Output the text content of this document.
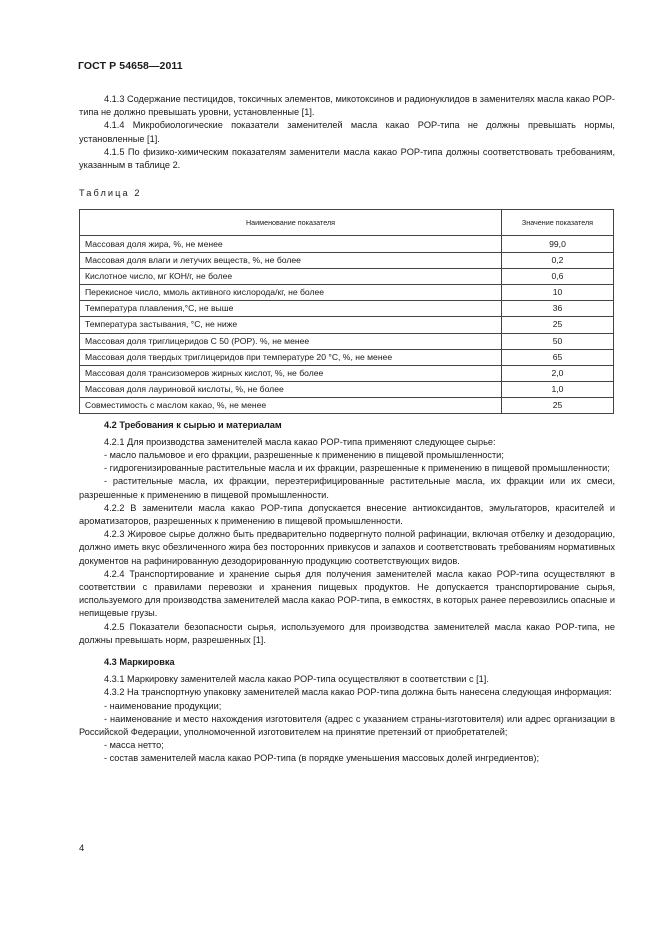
ГОСТ Р 54658—2011

4.1.3 Содержание пестицидов, токсичных элементов, микотоксинов и радионуклидов в заменителях масла какао POP-типа не должно превышать уровни, установленные [1].

4.1.4 Микробиологические показатели заменителей масла какао POP-типа не должны превышать нормы, установленные [1].

4.1.5 По физико-химическим показателям заменители масла какао POP-типа должны соответствовать требованиям, указанным в таблице 2.

Таблица 2
Наименование показателя	Значение показателя
Массовая доля жира, %, не менее	99,0
Массовая доля влаги и летучих веществ, %, не более	0,2
Кислотное число, мг КОН/г, не более	0,6
Перекисное число, ммоль активного кислорода/кг, не более	10
Температура плавления,°С, не выше	36
Температура застывания, °С, не ниже	25
Массовая доля триглицеридов С 50 (POP). %, не менее	50
Массовая доля твердых триглицеридов при температуре 20 °С, %, не менее	65
Массовая доля трансизомеров жирных кислот, %, не более	2,0
Массовая доля лауриновой кислоты, %, не более	1,0
Совместимость с маслом какао, %, не менее	25
4.2 Требования к сырью и материалам

4.2.1 Для производства заменителей масла какао POP-типа применяют следующее сырье:

- масло пальмовое и его фракции, разрешенные к применению в пищевой промышленности;

- гидрогенизированные растительные масла и их фракции, разрешенные к применению в пищевой промышленности;

- растительные масла, их фракции, переэтерифицированные растительные масла, их фракции или их смеси, разрешенные к применению в пищевой промышленности.

4.2.2 В заменители масла какао POP-типа допускается внесение антиоксидантов, эмульгаторов, красителей и ароматизаторов, разрешенных к применению в пищевой промышленности.

4.2.3 Жировое сырье должно быть предварительно подвергнуто полной рафинации, включая отбелку и дезодорацию, должно иметь вкус обезличенного жира без посторонних привкусов и запахов и соответствовать требованиям нормативных документов на рафинированную дезодорированную продукцию соответствующих видов.

4.2.4 Транспортирование и хранение сырья для получения заменителей масла какао POP-типа осуществляют в соответствии с правилами перевозки и хранения пищевых продуктов. Не допускается транспортирование сырья, используемого для производства заменителей масла какао POP-типа, в емкостях, в которых ранее перевозились опасные и непищевые грузы.

4.2.5 Показатели безопасности сырья, используемого для производства заменителей масла какао POP-типа, не должны превышать норм, разрешенных [1].

4.3 Маркировка

4.3.1 Маркировку заменителей масла какао POP-типа осуществляют в соответствии с [1].

4.3.2 На транспортную упаковку заменителей масла какао POP-типа должна быть нанесена следующая информация:

- наименование продукции;

- наименование и место нахождения изготовителя (адрес с указанием страны-изготовителя) или адрес организации в Российской Федерации, уполномоченной изготовителем на принятие претензий от приобретателей;

- масса нетто;

- состав заменителей масла какао POP-типа (в порядке уменьшения массовых долей ингредиентов);

4
